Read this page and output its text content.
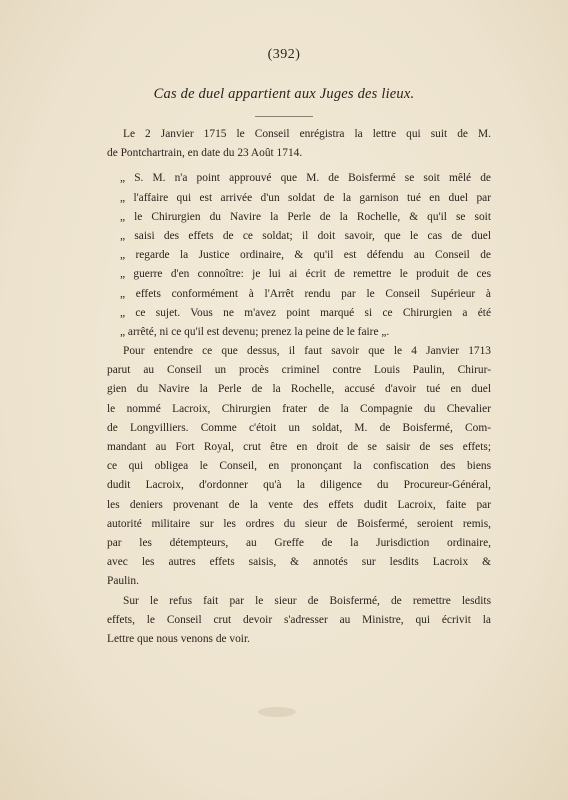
(392)
Cas de duel appartient aux Juges des lieux.
Le 2 Janvier 1715 le Conseil enrégistra la lettre qui suit de M.
de Pontchartrain, en date du 23 Août 1714.
„ S. M. n'a point approuvé que M. de Boisfermé se soit mêlé de
„ l'affaire qui est arrivée d'un soldat de la garnison tué en duel par
„ le Chirurgien du Navire la Perle de la Rochelle, & qu'il se soit
„ saisi des effets de ce soldat; il doit savoir, que le cas de duel
„ regarde la Justice ordinaire, & qu'il est défendu au Conseil de
„ guerre d'en connoître: je lui ai écrit de remettre le produit de ces
„ effets conformément à l'Arrêt rendu par le Conseil Supérieur à
„ ce sujet. Vous ne m'avez point marqué si ce Chirurgien a été
„ arrêté, ni ce qu'il est devenu; prenez la peine de le faire „.
Pour entendre ce que dessus, il faut savoir que le 4 Janvier 1713
parut au Conseil un procès criminel contre Louis Paulin, Chirur-
gien du Navire la Perle de la Rochelle, accusé d'avoir tué en duel
le nommé Lacroix, Chirurgien frater de la Compagnie du Chevalier
de Longvilliers. Comme c'étoit un soldat, M. de Boisfermé, Com-
mandant au Fort Royal, crut être en droit de se saisir de ses effets;
ce qui obligea le Conseil, en prononçant la confiscation des biens
dudit Lacroix, d'ordonner qu'à la diligence du Procureur-Général,
les deniers provenant de la vente des effets dudit Lacroix, faite par
autorité militaire sur les ordres du sieur de Boisfermé, seroient remis,
par les détempteurs, au Greffe de la Jurisdiction ordinaire,
avec les autres effets saisis, & annotés sur lesdits Lacroix &
Paulin.
Sur le refus fait par le sieur de Boisfermé, de remettre lesdits
effets, le Conseil crut devoir s'adresser au Ministre, qui écrivit la
Lettre que nous venons de voir.
